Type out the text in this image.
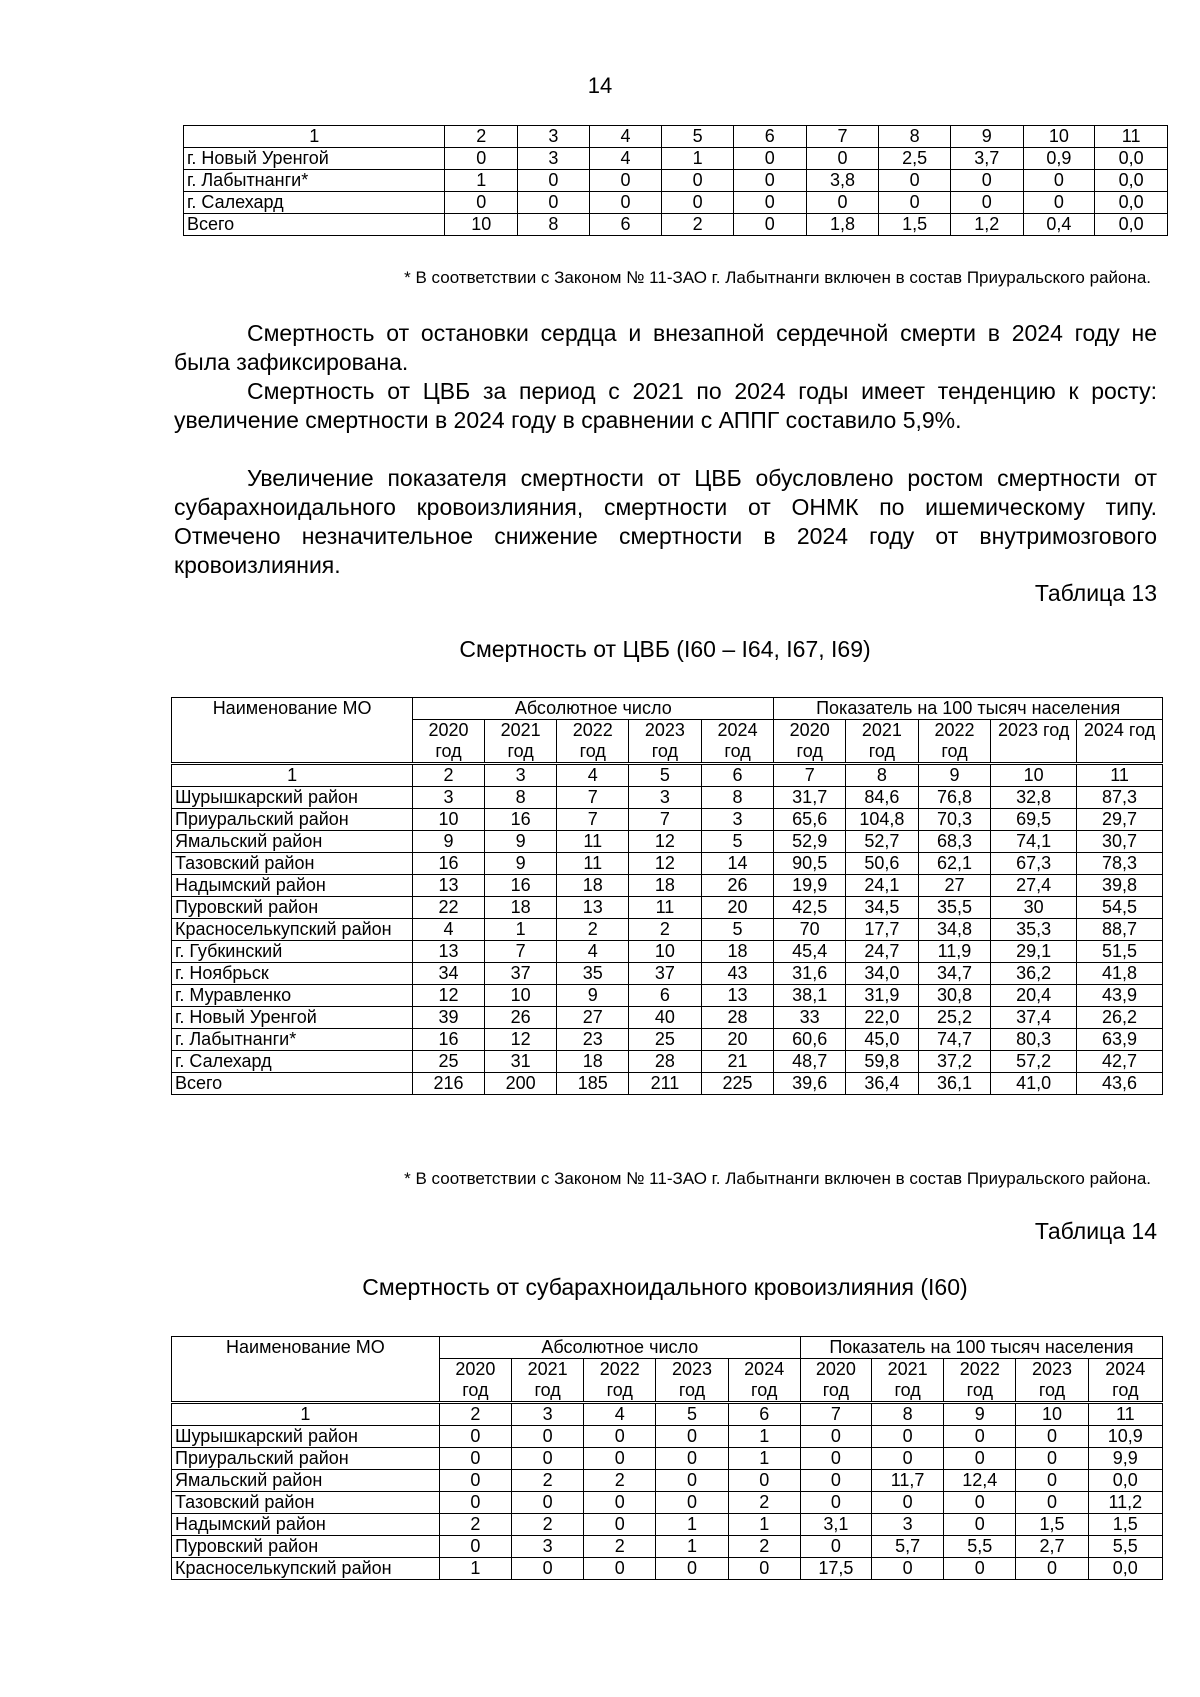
14
1	2	3	4	5	6	7	8	9	10	11
г. Новый Уренгой	0	3	4	1	0	0	2,5	3,7	0,9	0,0
г. Лабытнанги*	1	0	0	0	0	3,8	0	0	0	0,0
г. Салехард	0	0	0	0	0	0	0	0	0	0,0
Всего	10	8	6	2	0	1,8	1,5	1,2	0,4	0,0
* В соответствии с Законом № 11-ЗАО г. Лабытнанги включен в состав Приуральского района.

Смертность от остановки сердца и внезапной сердечной смерти в 2024 году не была зафиксирована.

Смертность от ЦВБ за период с 2021 по 2024 годы имеет тенденцию к росту: увеличение смертности в 2024 году в сравнении с АППГ составило 5,9%.

Увеличение показателя смертности от ЦВБ обусловлено ростом смертности от субарахноидального кровоизлияния, смертности от ОНМК по ишемическому типу. Отмечено незначительное снижение смертности в 2024 году от внутримозгового кровоизлияния.

Таблица 13
Смертность от ЦВБ (I60 – I64, I67, I69)
Наименование МО	Абсолютное число					Показатель на 100 тысяч населения				
	2020 год	2021 год	2022 год	2023 год	2024 год	2020 год	2021 год	2022 год	2023 год	2024 год
1	2	3	4	5	6	7	8	9	10	11
Шурышкарский район	3	8	7	3	8	31,7	84,6	76,8	32,8	87,3
Приуральский район	10	16	7	7	3	65,6	104,8	70,3	69,5	29,7
Ямальский район	9	9	11	12	5	52,9	52,7	68,3	74,1	30,7
Тазовский район	16	9	11	12	14	90,5	50,6	62,1	67,3	78,3
Надымский район	13	16	18	18	26	19,9	24,1	27	27,4	39,8
Пуровский район	22	18	13	11	20	42,5	34,5	35,5	30	54,5
Красноселькупский район	4	1	2	2	5	70	17,7	34,8	35,3	88,7
г. Губкинский	13	7	4	10	18	45,4	24,7	11,9	29,1	51,5
г. Ноябрьск	34	37	35	37	43	31,6	34,0	34,7	36,2	41,8
г. Муравленко	12	10	9	6	13	38,1	31,9	30,8	20,4	43,9
г. Новый Уренгой	39	26	27	40	28	33	22,0	25,2	37,4	26,2
г. Лабытнанги*	16	12	23	25	20	60,6	45,0	74,7	80,3	63,9
г. Салехард	25	31	18	28	21	48,7	59,8	37,2	57,2	42,7
Всего	216	200	185	211	225	39,6	36,4	36,1	41,0	43,6
* В соответствии с Законом № 11-ЗАО г. Лабытнанги включен в состав Приуральского района.
Таблица 14
Смертность от субарахноидального кровоизлияния (I60)
Наименование МО	Абсолютное число					Показатель на 100 тысяч населения				
	2020 год	2021 год	2022 год	2023 год	2024 год	2020 год	2021 год	2022 год	2023 год	2024 год
1	2	3	4	5	6	7	8	9	10	11
Шурышкарский район	0	0	0	0	1	0	0	0	0	10,9
Приуральский район	0	0	0	0	1	0	0	0	0	9,9
Ямальский район	0	2	2	0	0	0	11,7	12,4	0	0,0
Тазовский район	0	0	0	0	2	0	0	0	0	11,2
Надымский район	2	2	0	1	1	3,1	3	0	1,5	1,5
Пуровский район	0	3	2	1	2	0	5,7	5,5	2,7	5,5
Красноселькупский район	1	0	0	0	0	17,5	0	0	0	0,0
